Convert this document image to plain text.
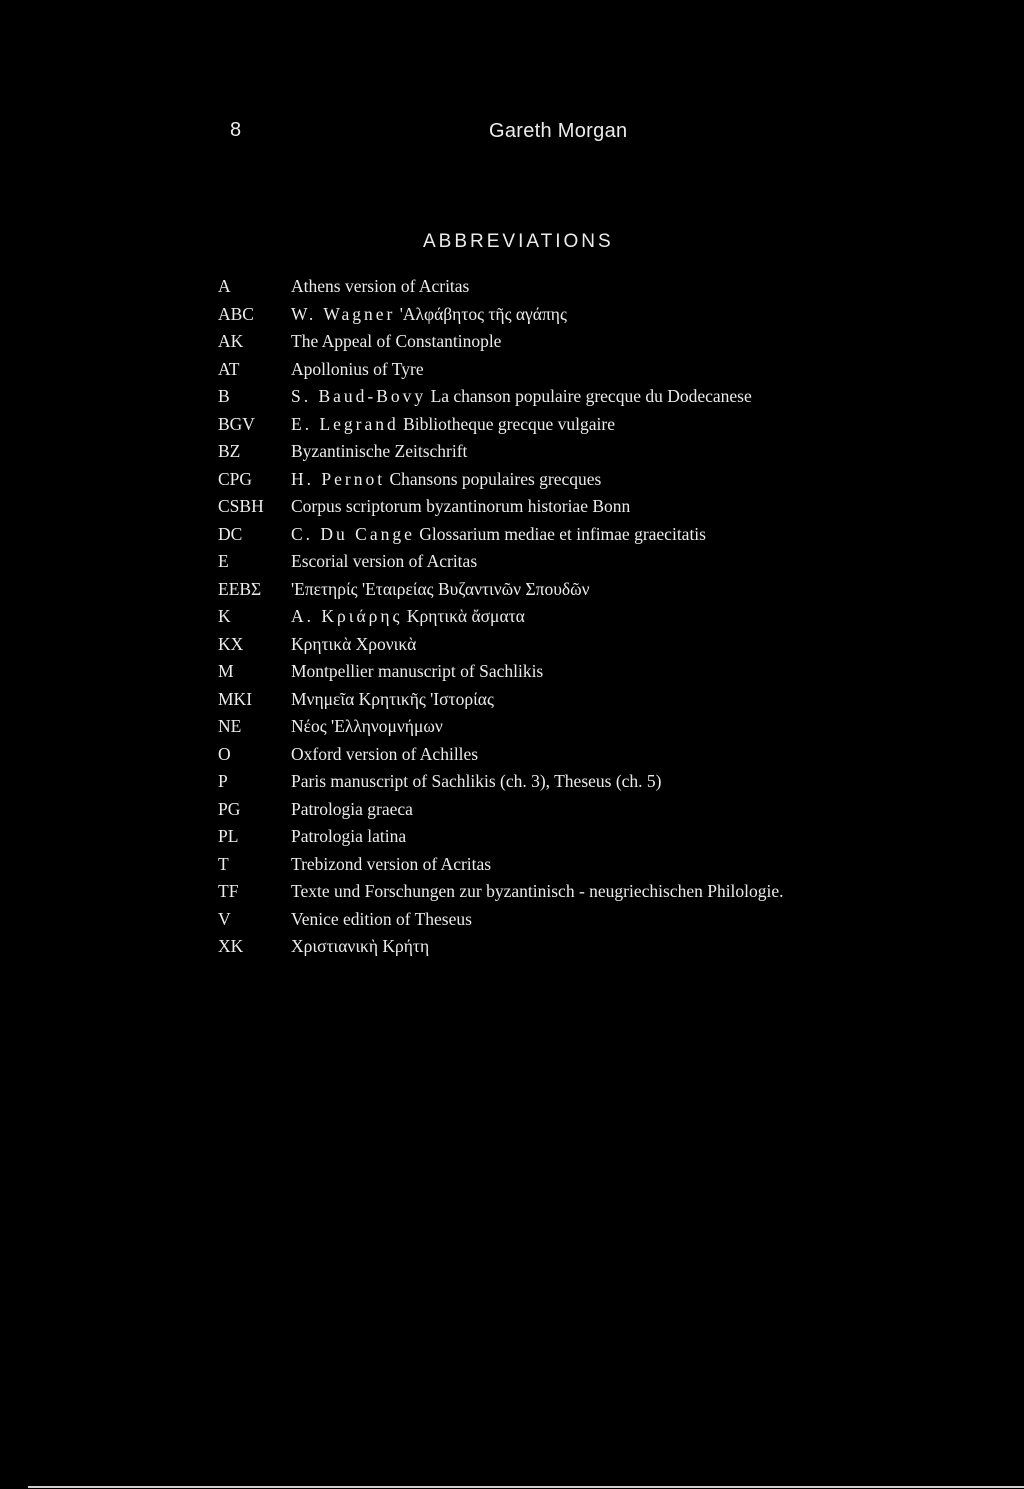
8	Gareth Morgan
ABBREVIATIONS
A	Athens version of Acritas
ABC	W. Wagner 'Αλφάβητος τῆς αγάπης
AK	The Appeal of Constantinople
AT	Apollonius of Tyre
B	S. Baud-Bovy La chanson populaire grecque du Dodecanese
BGV	E. Legrand Bibliotheque grecque vulgaire
BZ	Byzantinische Zeitschrift
CPG	H. Pernot Chansons populaires grecques
CSBH	Corpus scriptorum byzantinorum historiae Bonn
DC	C. Du Cange Glossarium mediae et infimae graecitatis
E	Escorial version of Acritas
ΕΕΒΣ	'Επετηρίς 'Εταιρείας Βυζαντινῶν Σπουδῶν
K	A. Κριάρης Κρητικὰ ἄσματα
KX	Κρητικὰ Χρονικὰ
M	Montpellier manuscript of Sachlikis
MKI	Μνημεῖα Κρητικῆς 'Ιστορίας
NE	Νέος 'Ελληνομνήμων
O	Oxford version of Achilles
P	Paris manuscript of Sachlikis (ch. 3), Theseus (ch. 5)
PG	Patrologia graeca
PL	Patrologia latina
T	Trebizond version of Acritas
TF	Texte und Forschungen zur byzantinisch - neugriechischen Philologie.
V	Venice edition of Theseus
XK	Χριστιανικὴ Κρήτη
